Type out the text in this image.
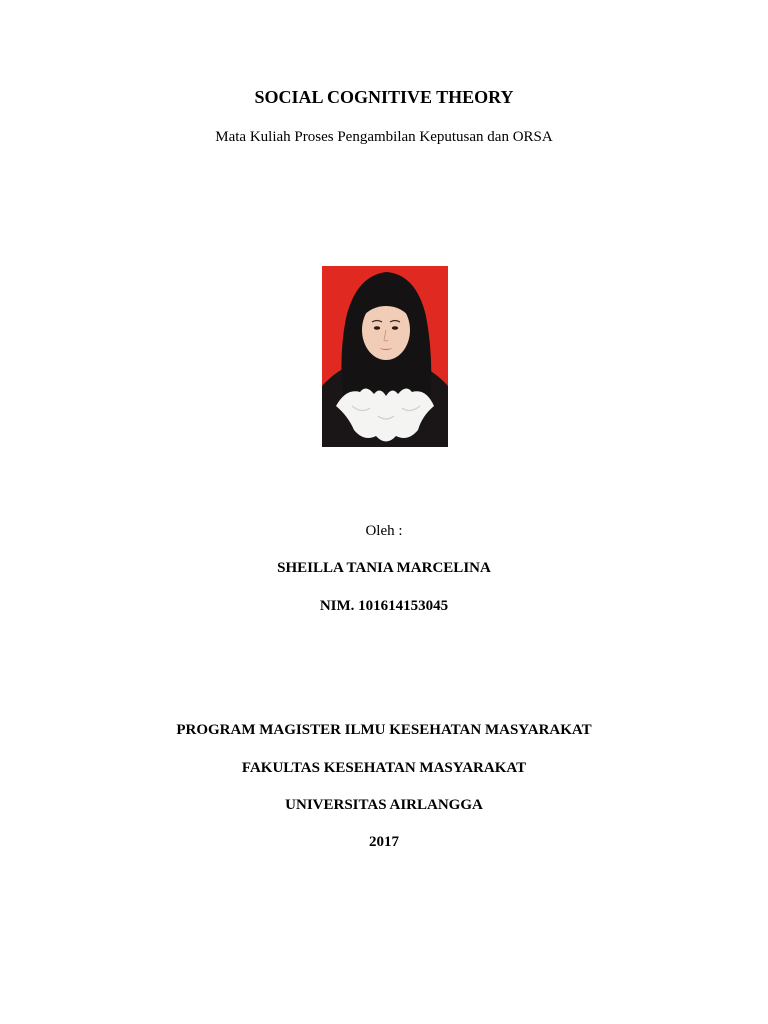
SOCIAL COGNITIVE THEORY
Mata Kuliah Proses Pengambilan Keputusan dan ORSA
Oleh :
SHEILLA TANIA MARCELINA
NIM. 101614153045
PROGRAM MAGISTER ILMU KESEHATAN MASYARAKAT
FAKULTAS KESEHATAN MASYARAKAT
UNIVERSITAS AIRLANGGA
2017
